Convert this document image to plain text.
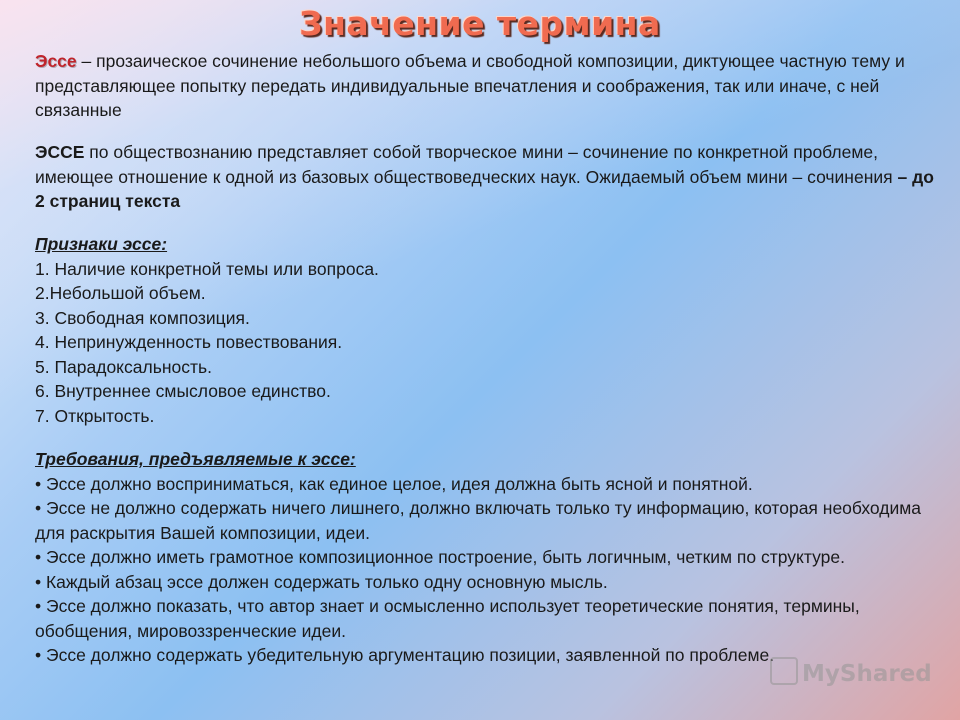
Значение термина

Эссе – прозаическое сочинение небольшого объема и свободной композиции, диктующее частную тему и представляющее попытку передать индивидуальные впечатления и соображения, так или иначе, с ней связанные

ЭССЕ по обществознанию представляет собой творческое мини – сочинение по конкретной проблеме, имеющее отношение к одной из базовых обществоведческих наук. Ожидаемый объем мини – сочинения – до 2 страниц текста

Признаки эссе:
1. Наличие конкретной темы или вопроса.
2.Небольшой объем.
3. Свободная композиция.
4. Непринужденность повествования.
5. Парадоксальность.
6. Внутреннее смысловое единство.
7. Открытость.
Требования, предъявляемые к эссе:
• Эссе должно восприниматься, как единое целое, идея должна быть ясной и понятной.
• Эссе не должно содержать ничего лишнего, должно включать только ту информацию, которая необходима для раскрытия Вашей композиции, идеи.
• Эссе должно иметь грамотное композиционное построение, быть логичным, четким по структуре.
• Каждый абзац эссе должен содержать только одну основную мысль.
• Эссе должно показать, что автор знает и осмысленно использует теоретические понятия, термины, обобщения, мировоззренческие идеи.
• Эссе должно содержать убедительную аргументацию позиции, заявленной по проблеме.
MyShared
